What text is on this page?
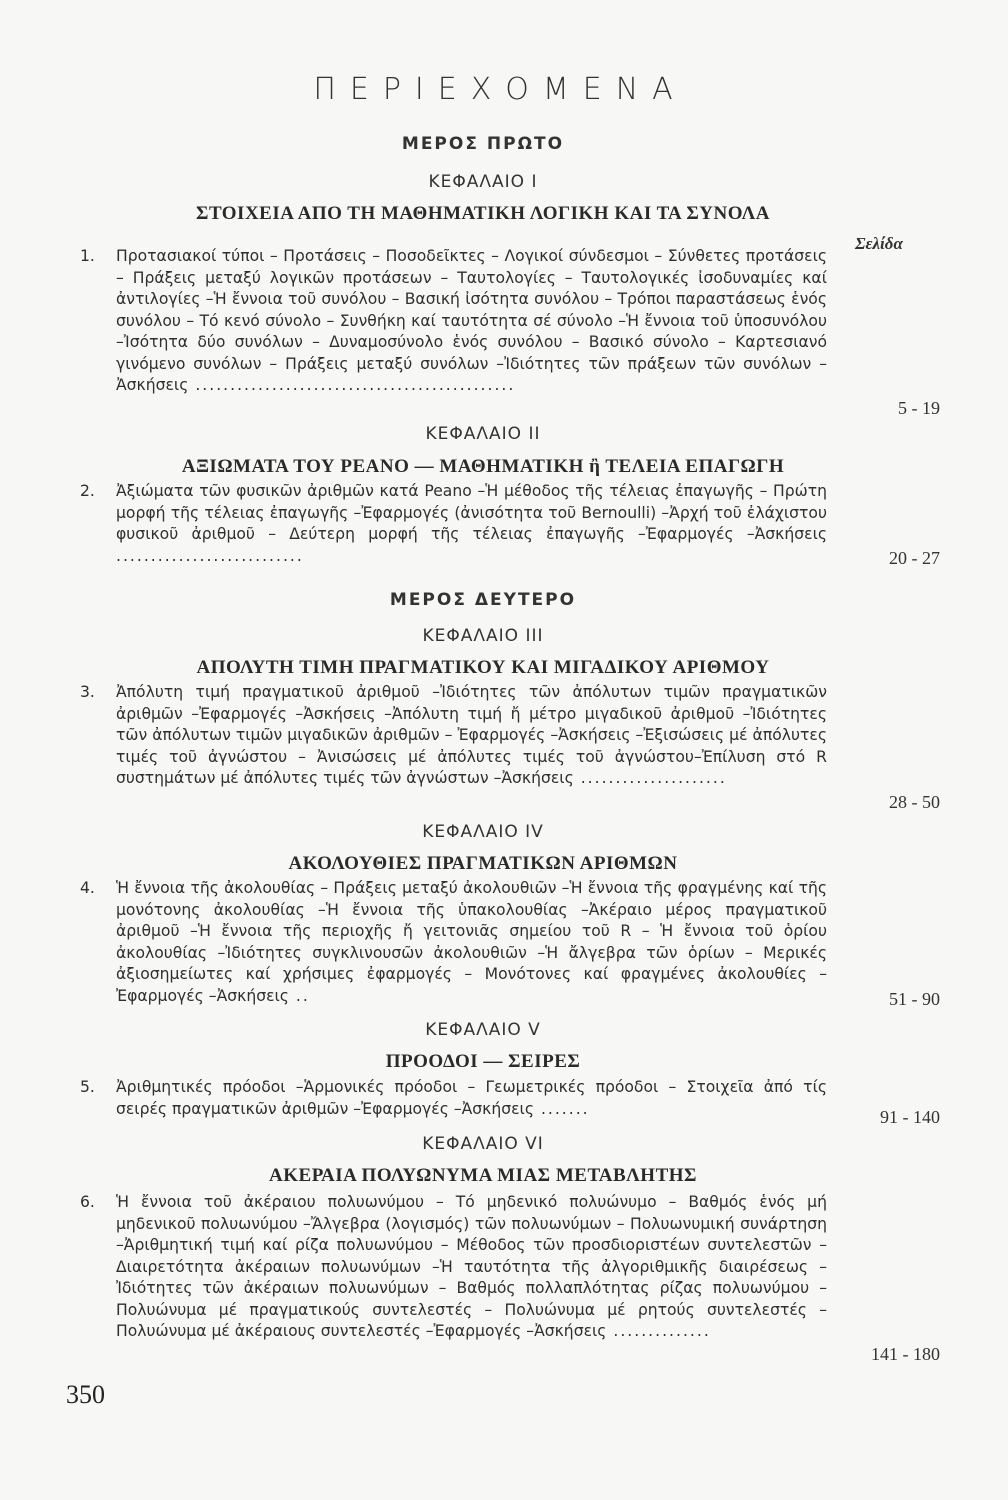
ΠΕΡΙΕΧΟΜΕΝΑ
ΜΕΡΟΣ ΠΡΩΤΟ
ΚΕΦΑΛΑΙΟ Ι
ΣΤΟΙΧΕΙΑ ΑΠΟ ΤΗ ΜΑΘΗΜΑΤΙΚΗ ΛΟΓΙΚΗ ΚΑΙ ΤΑ ΣΥΝΟΛΑ
Σελίδα
1. Προτασιακοί τύποι – Προτάσεις – Ποσοδεῖκτες – Λογικοί σύνδεσμοι – Σύνθετες προτάσεις – Πράξεις μεταξύ λογικῶν προτάσεων – Ταυτολογίες – Ταυτολογικές ἰσοδυναμίες καί ἀντιλογίες –Ἡ ἔννοια τοῦ συνόλου – Βασική ἰσότητα συνόλου – Τρόποι παραστάσεως ἑνός συνόλου – Τό κενό σύνολο – Συνθήκη καί ταυτότητα σέ σύνολο –Ἡ ἔννοια τοῦ ὑποσυνόλου –Ἰσότητα δύο συνόλων – Δυναμοσύνολο ἑνός συνόλου – Βασικό σύνολο – Καρτεσιανό γινόμενο συνόλων – Πράξεις μεταξύ συνόλων –Ἰδιότητες τῶν πράξεων τῶν συνόλων –Ἀσκήσεις ..............................................
5 - 19
ΚΕΦΑΛΑΙΟ ΙΙ
ΑΞΙΩΜΑΤΑ ΤΟΥ PEANO — ΜΑΘΗΜΑΤΙΚΗ ἢ ΤΕΛΕΙΑ ΕΠΑΓΩΓΗ
2. Ἀξιώματα τῶν φυσικῶν ἀριθμῶν κατά Peano –Ἡ μέθοδος τῆς τέλειας ἐπαγωγῆς – Πρώτη μορφή τῆς τέλειας ἐπαγωγῆς –Ἐφαρμογές (ἀνισότητα τοῦ Bernoulli) –Ἀρχή τοῦ ἐλάχιστου φυσικοῦ ἀριθμοῦ – Δεύτερη μορφή τῆς τέλειας ἐπαγωγῆς –Ἐφαρμογές –Ἀσκήσεις ...........................	20 - 27
ΜΕΡΟΣ ΔΕΥΤΕΡΟ
ΚΕΦΑΛΑΙΟ ΙΙΙ
ΑΠΟΛΥΤΗ ΤΙΜΗ ΠΡΑΓΜΑΤΙΚΟΥ ΚΑΙ ΜΙΓΑΔΙΚΟΥ ΑΡΙΘΜΟΥ
3. Ἀπόλυτη τιμή πραγματικοῦ ἀριθμοῦ –Ἰδιότητες τῶν ἀπόλυτων τιμῶν πραγματικῶν ἀριθμῶν –Ἐφαρμογές –Ἀσκήσεις –Ἀπόλυτη τιμή ἤ μέτρο μιγαδικοῦ ἀριθμοῦ –Ἰδιότητες τῶν ἀπόλυτων τιμῶν μιγαδικῶν ἀριθμῶν – Ἐφαρμογές –Ἀσκήσεις –Ἐξισώσεις μέ ἀπόλυτες τιμές τοῦ ἀγνώστου – Ἀνισώσεις μέ ἀπόλυτες τιμές τοῦ ἀγνώστου–Ἐπίλυση στό R συστημάτων μέ ἀπόλυτες τιμές τῶν ἀγνώστων –Ἀσκήσεις .....................
28 - 50
ΚΕΦΑΛΑΙΟ IV
ΑΚΟΛΟΥΘΙΕΣ ΠΡΑΓΜΑΤΙΚΩΝ ΑΡΙΘΜΩΝ
4. Ἡ ἔννοια τῆς ἀκολουθίας – Πράξεις μεταξύ ἀκολουθιῶν –Ἡ ἔννοια τῆς φραγμένης καί τῆς μονότονης ἀκολουθίας –Ἡ ἔννοια τῆς ὑπακολουθίας –Ἀκέραιο μέρος πραγματικοῦ ἀριθμοῦ –Ἡ ἔννοια τῆς περιοχῆς ἤ γειτονιᾶς σημείου τοῦ R – Ἡ ἔννοια τοῦ ὁρίου ἀκολουθίας –Ἰδιότητες συγκλινουσῶν ἀκολουθιῶν –Ἡ ἄλγεβρα τῶν ὁρίων – Μερικές ἀξιοσημείωτες καί χρήσιμες ἐφαρμογές – Μονότονες καί φραγμένες ἀκολουθίες –Ἐφαρμογές –Ἀσκήσεις ..	51 - 90
ΚΕΦΑΛΑΙΟ V
ΠΡΟΟΔΟΙ — ΣΕΙΡΕΣ
5. Ἀριθμητικές πρόοδοι –Ἁρμονικές πρόοδοι – Γεωμετρικές πρόοδοι – Στοιχεῖα ἀπό τίς σειρές πραγματικῶν ἀριθμῶν –Ἐφαρμογές –Ἀσκήσεις .......	91 - 140
ΚΕΦΑΛΑΙΟ VI
ΑΚΕΡΑΙΑ ΠΟΛΥΩΝΥΜΑ ΜΙΑΣ ΜΕΤΑΒΛΗΤΗΣ
6. Ἡ ἔννοια τοῦ ἀκέραιου πολυωνύμου – Τό μηδενικό πολυώνυμο – Βαθμός ἑνός μή μηδενικοῦ πολυωνύμου –Ἄλγεβρα (λογισμός) τῶν πολυωνύμων – Πολυωνυμική συνάρτηση –Ἀριθμητική τιμή καί ρίζα πολυωνύμου – Μέθοδος τῶν προσδιοριστέων συντελεστῶν – Διαιρετότητα ἀκέραιων πολυωνύμων –Ἡ ταυτότητα τῆς ἀλγοριθμικῆς διαιρέσεως –Ἰδιότητες τῶν ἀκέραιων πολυωνύμων – Βαθμός πολλαπλότητας ρίζας πολυωνύμου – Πολυώνυμα μέ πραγματικούς συντελεστές – Πολυώνυμα μέ ρητούς συντελεστές – Πολυώνυμα μέ ἀκέραιους συντελεστές –Ἐφαρμογές –Ἀσκήσεις ..............
141 - 180
350
